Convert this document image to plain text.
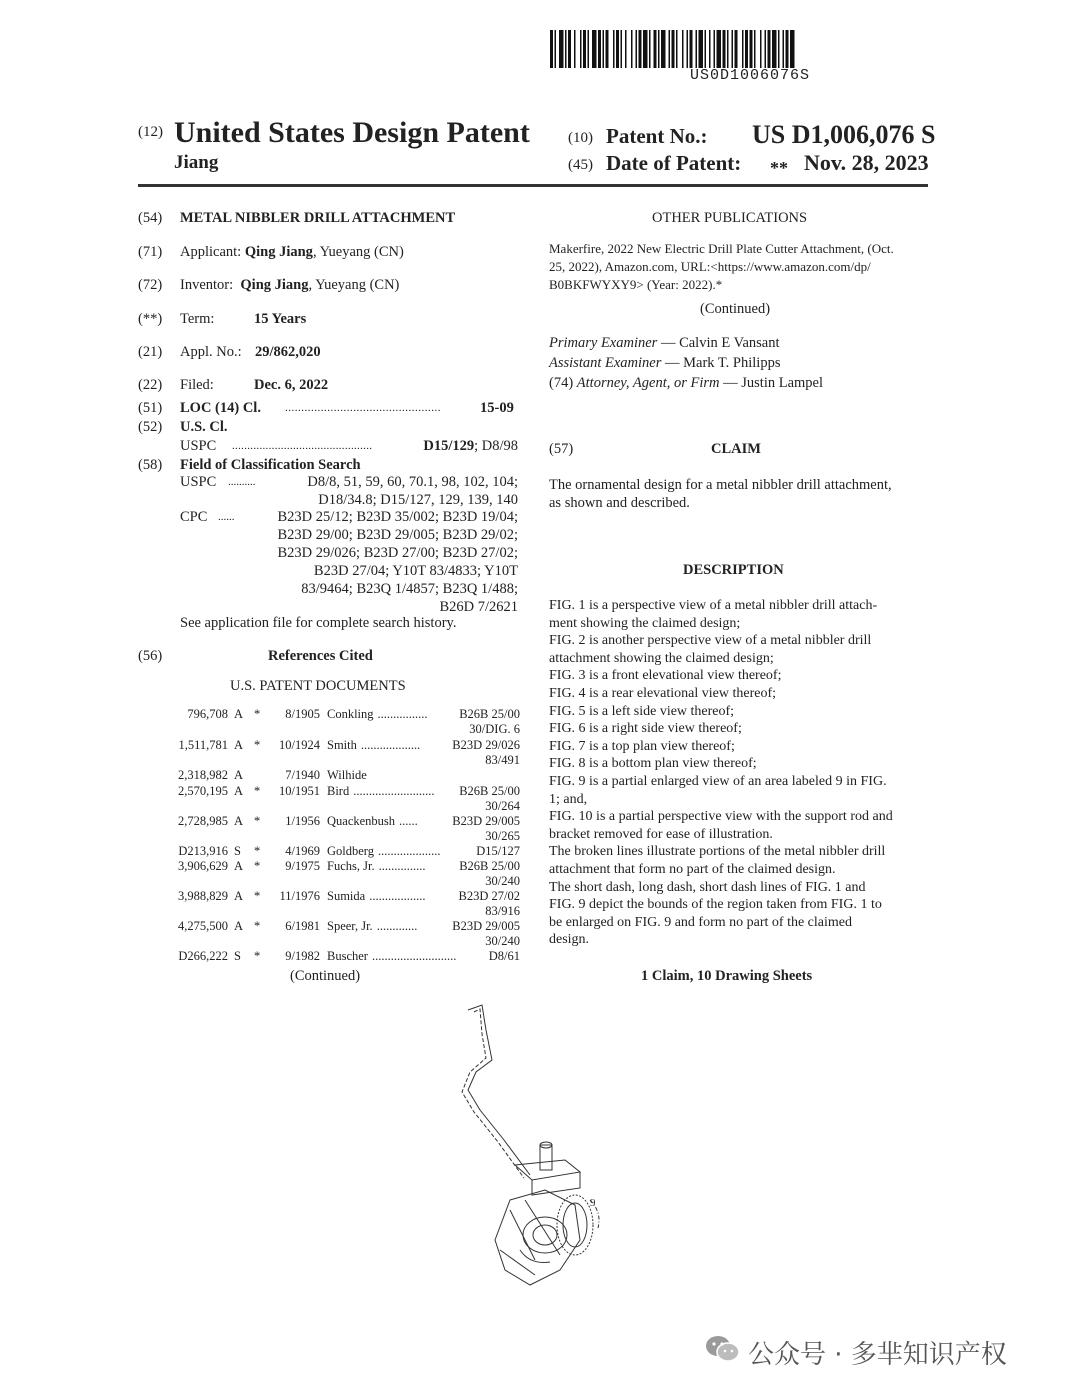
US0D1006076S
(12) United States Design Patent
Jiang
(10) Patent No.: US D1,006,076 S
(45) Date of Patent: ** Nov. 28, 2023
(54) METAL NIBBLER DRILL ATTACHMENT
(71) Applicant: Qing Jiang, Yueyang (CN)
(72) Inventor: Qing Jiang, Yueyang (CN)
(**) Term:	15 Years
(21) Appl. No.: 29/862,020
(22) Filed:	Dec. 6, 2022
(51) LOC (14) Cl. ................................................	15-09
(52) U.S. Cl.
USPC ..............................................	D15/129; D8/98
(58) Field of Classification Search
USPC ..........	D8/8, 51, 59, 60, 70.1, 98, 102, 104;
D18/34.8; D15/127, 129, 139, 140
CPC ......	B23D 25/12; B23D 35/002; B23D 19/04;
B23D 29/00; B23D 29/005; B23D 29/02;
B23D 29/026; B23D 27/00; B23D 27/02;
B23D 27/04; Y10T 83/4833; Y10T
83/9464; B23Q 1/4857; B23Q 1/488;
B26D 7/2621
See application file for complete search history.
(56)	References Cited
U.S. PATENT DOCUMENTS
796,708 A *	8/1905 Conkling ................	B26B 25/00
30/DIG. 6
1,511,781 A *	10/1924 Smith ...................	B23D 29/026
83/491
2,318,982 A	7/1940 Wilhide
2,570,195 A *	10/1951 Bird .......................... B26B 25/00
30/264
2,728,985 A *	1/1956 Quackenbush ......	B23D 29/005
30/265
D213,916 S *	4/1969 Goldberg ....................	D15/127
3,906,629 A *	9/1975 Fuchs, Jr. ...............	B26B 25/00
30/240
3,988,829 A *	11/1976 Sumida ..................	B23D 27/02
83/916
4,275,500 A *	6/1981 Speer, Jr. .............	B23D 29/005
30/240
D266,222 S *	9/1982 Buscher ...........................	D8/61
(Continued)
OTHER PUBLICATIONS
Makerfire, 2022 New Electric Drill Plate Cutter Attachment, (Oct.
25, 2022), Amazon.com, URL:<https://www.amazon.com/dp/
B0BKFWYXY9> (Year: 2022).*
(Continued)
Primary Examiner — Calvin E Vansant
Assistant Examiner — Mark T. Philipps
(74) Attorney, Agent, or Firm — Justin Lampel
(57)	CLAIM
The ornamental design for a metal nibbler drill attachment,
as shown and described.
DESCRIPTION

FIG. 1 is a perspective view of a metal nibbler drill attach-

ment showing the claimed design;

FIG. 2 is another perspective view of a metal nibbler drill

attachment showing the claimed design;

FIG. 3 is a front elevational view thereof;

FIG. 4 is a rear elevational view thereof;

FIG. 5 is a left side view thereof;

FIG. 6 is a right side view thereof;

FIG. 7 is a top plan view thereof;

FIG. 8 is a bottom plan view thereof;

FIG. 9 is a partial enlarged view of an area labeled 9 in FIG.

1; and,

FIG. 10 is a partial perspective view with the support rod and

bracket removed for ease of illustration.

The broken lines illustrate portions of the metal nibbler drill

attachment that form no part of the claimed design.

The short dash, long dash, short dash lines of FIG. 1 and

FIG. 9 depict the bounds of the region taken from FIG. 1 to

be enlarged on FIG. 9 and form no part of the claimed

design.

1 Claim, 10 Drawing Sheets
9
公众号 · 多芈知识产权
